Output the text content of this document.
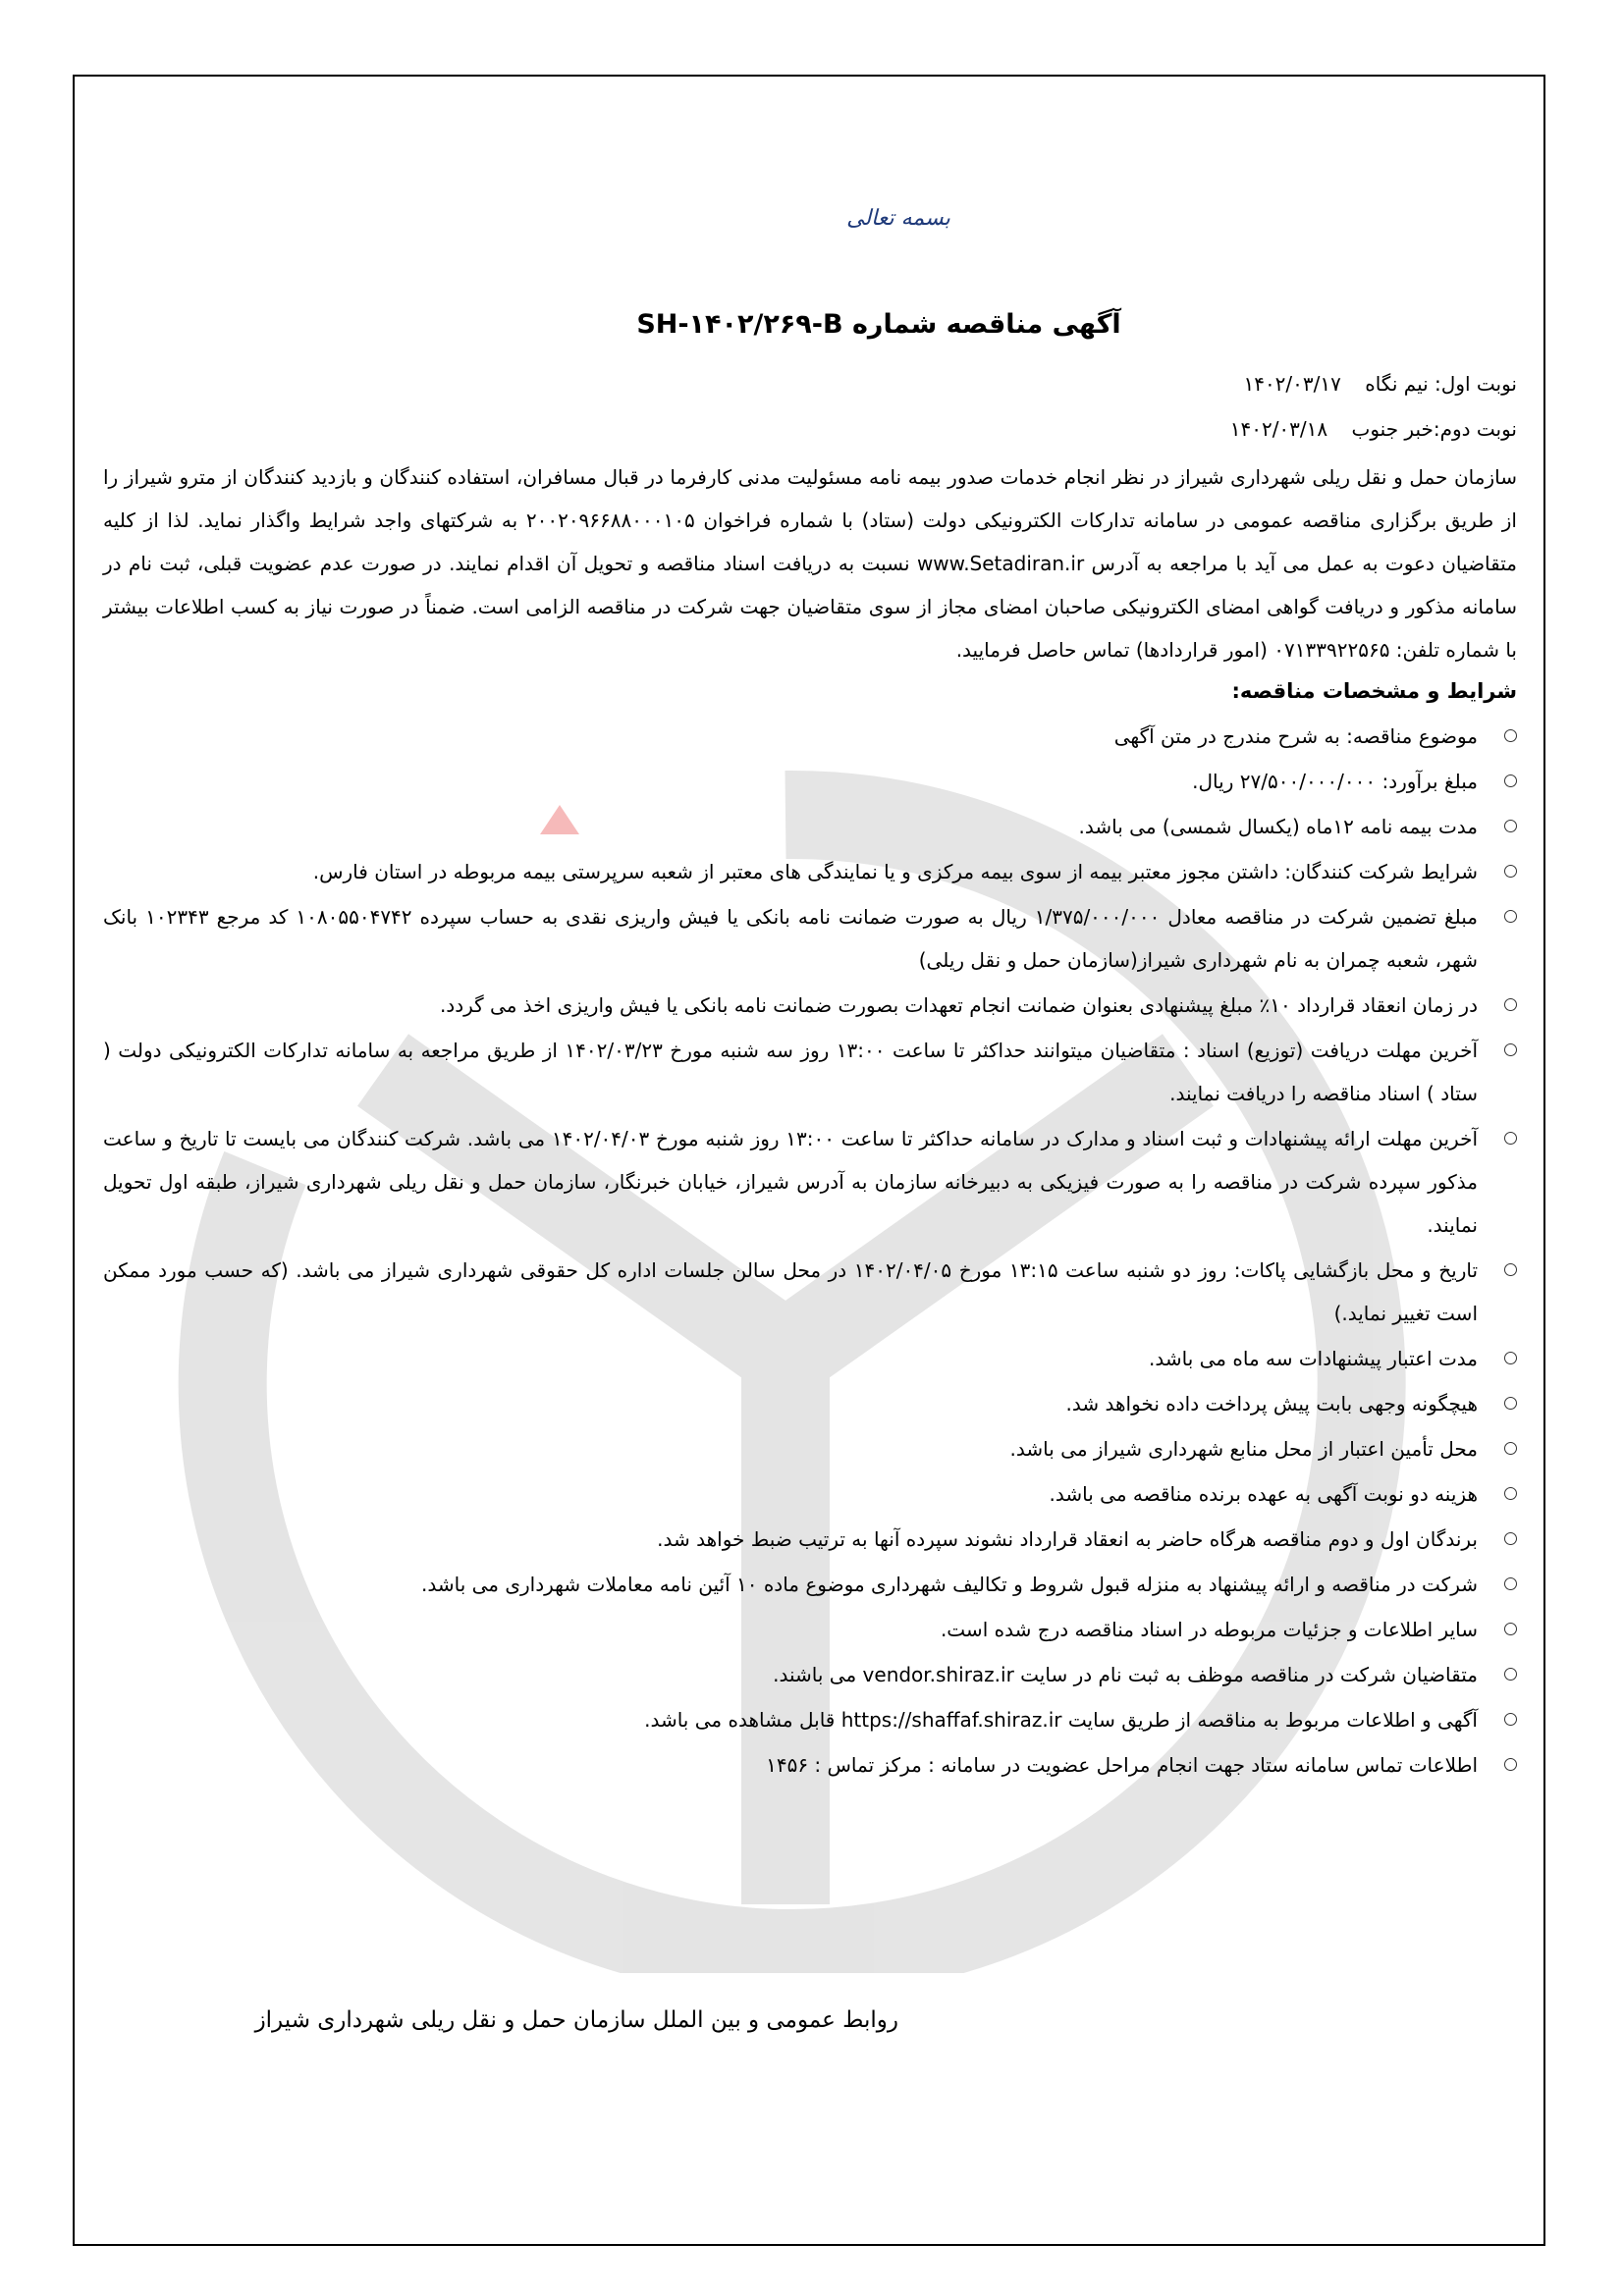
بسمه تعالی
آگهی مناقصه شماره SH-۱۴۰۲/۲۶۹-B
نوبت اول: نیم نگاه ۱۴۰۲/۰۳/۱۷
نوبت دوم:خبر جنوب ۱۴۰۲/۰۳/۱۸
سازمان حمل و نقل ریلی شهرداری شیراز در نظر انجام خدمات صدور بیمه نامه مسئولیت مدنی کارفرما در قبال مسافران، استفاده کنندگان و بازدید کنندگان از مترو شیراز را از طریق برگزاری مناقصه عمومی در سامانه تدارکات الکترونیکی دولت (ستاد) با شماره فراخوان ۲۰۰۲۰۹۶۶۸۸۰۰۰۱۰۵ به شرکتهای واجد شرایط واگذار نماید. لذا از کلیه متقاضیان دعوت به عمل می آید با مراجعه به آدرس www.Setadiran.ir نسبت به دریافت اسناد مناقصه و تحویل آن اقدام نمایند. در صورت عدم عضویت قبلی، ثبت نام در سامانه مذکور و دریافت گواهی امضای الکترونیکی صاحبان امضای مجاز از سوی متقاضیان جهت شرکت در مناقصه الزامی است. ضمناً در صورت نیاز به کسب اطلاعات بیشتر با شماره تلفن: ۰۷۱۳۳۹۲۲۵۶۵ (امور قراردادها) تماس حاصل فرمایید.
شرایط و مشخصات مناقصه:
موضوع مناقصه: به شرح مندرج در متن آگهی
مبلغ برآورد: ۲۷/۵۰۰/۰۰۰/۰۰۰ ریال.
مدت بیمه نامه ۱۲ماه (یکسال شمسی) می باشد.
شرایط شرکت کنندگان: داشتن مجوز معتبر بیمه از سوی بیمه مرکزی و یا نمایندگی های معتبر از شعبه سرپرستی بیمه مربوطه در استان فارس.
مبلغ تضمین شرکت در مناقصه معادل ۱/۳۷۵/۰۰۰/۰۰۰ ریال به صورت ضمانت نامه بانکی یا فیش واریزی نقدی به حساب سپرده ۱۰۸۰۵۵۰۴۷۴۲ کد مرجع ۱۰۲۳۴۳ بانک شهر، شعبه چمران به نام شهرداری شیراز(سازمان حمل و نقل ریلی)
در زمان انعقاد قرارداد ۱۰٪ مبلغ پیشنهادی بعنوان ضمانت انجام تعهدات بصورت ضمانت نامه بانکی یا فیش واریزی اخذ می گردد.
آخرین مهلت دریافت (توزیع) اسناد : متقاضیان میتوانند حداکثر تا ساعت ۱۳:۰۰ روز سه شنبه مورخ ۱۴۰۲/۰۳/۲۳ از طریق مراجعه به سامانه تدارکات الکترونیکی دولت ( ستاد ) اسناد مناقصه را دریافت نمایند.
آخرین مهلت ارائه پیشنهادات و ثبت اسناد و مدارک در سامانه حداکثر تا ساعت ۱۳:۰۰ روز شنبه مورخ ۱۴۰۲/۰۴/۰۳ می باشد. شرکت کنندگان می بایست تا تاریخ و ساعت مذکور سپرده شرکت در مناقصه را به صورت فیزیکی به دبیرخانه سازمان به آدرس شیراز، خیابان خبرنگار، سازمان حمل و نقل ریلی شهرداری شیراز، طبقه اول تحویل نمایند.
تاریخ و محل بازگشایی پاکات: روز دو شنبه ساعت ۱۳:۱۵ مورخ ۱۴۰۲/۰۴/۰۵ در محل سالن جلسات اداره کل حقوقی شهرداری شیراز می باشد. (که حسب مورد ممکن است تغییر نماید.)
مدت اعتبار پیشنهادات سه ماه می باشد.
هیچگونه وجهی بابت پیش پرداخت داده نخواهد شد.
محل تأمین اعتبار از محل منابع شهرداری شیراز می باشد.
هزینه دو نوبت آگهی به عهده برنده مناقصه می باشد.
برندگان اول و دوم مناقصه هرگاه حاضر به انعقاد قرارداد نشوند سپرده آنها به ترتیب ضبط خواهد شد.
شرکت در مناقصه و ارائه پیشنهاد به منزله قبول شروط و تکالیف شهرداری موضوع ماده ۱۰ آئین نامه معاملات شهرداری می باشد.
سایر اطلاعات و جزئیات مربوطه در اسناد مناقصه درج شده است.
متقاضیان شرکت در مناقصه موظف به ثبت نام در سایت vendor.shiraz.ir می باشند.
آگهی و اطلاعات مربوط به مناقصه از طریق سایت https://shaffaf.shiraz.ir قابل مشاهده می باشد.
اطلاعات تماس سامانه ستاد جهت انجام مراحل عضویت در سامانه : مرکز تماس : ۱۴۵۶
روابط عمومی و بین الملل سازمان حمل و نقل ریلی شهرداری شیراز
